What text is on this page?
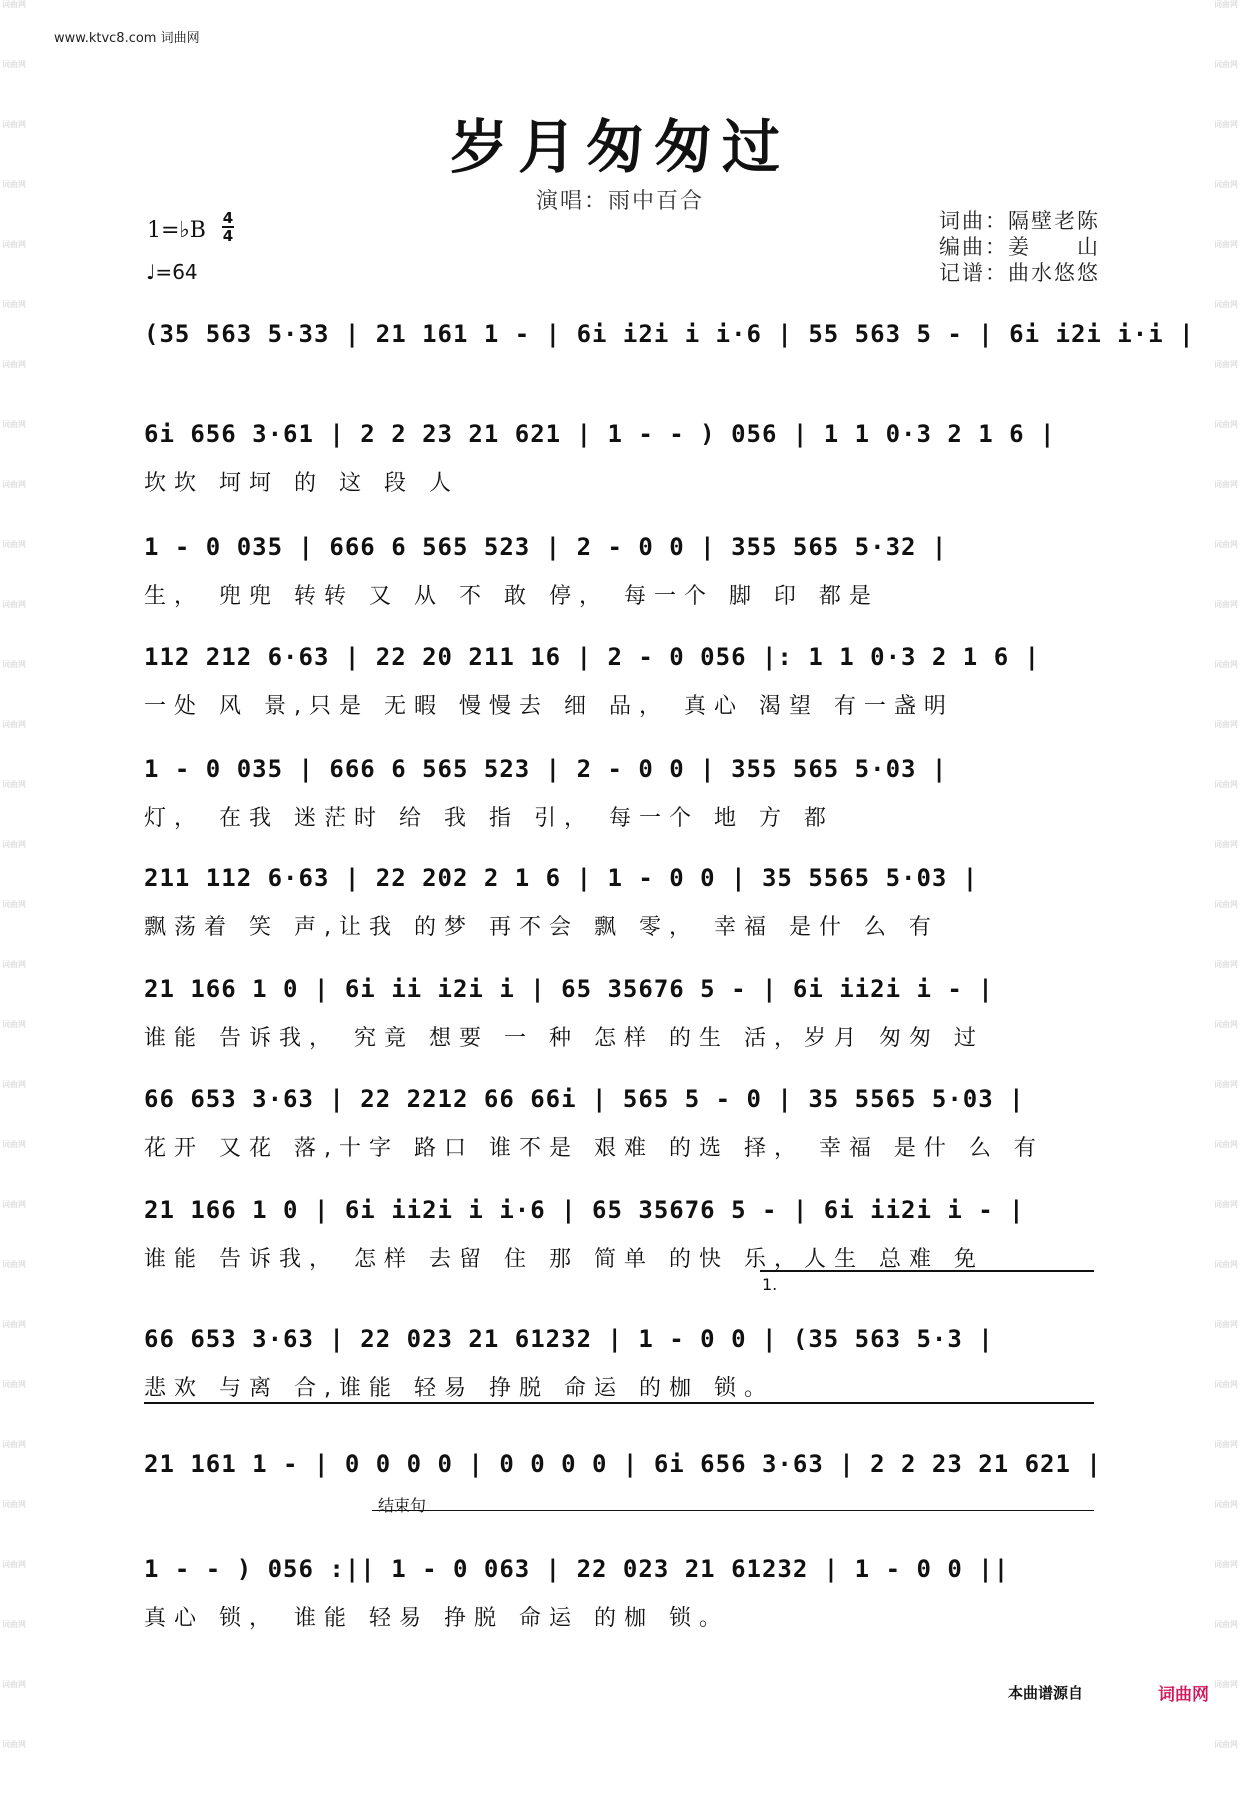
词曲网
词曲网
词曲网
词曲网
词曲网
词曲网
词曲网
词曲网
词曲网
词曲网
词曲网
词曲网
词曲网
词曲网
词曲网
词曲网
词曲网
词曲网
词曲网
词曲网
词曲网
词曲网
词曲网
词曲网
词曲网
词曲网
词曲网
词曲网
词曲网
词曲网
词曲网
词曲网
词曲网
词曲网
词曲网
词曲网
词曲网
词曲网
词曲网
词曲网
词曲网
词曲网
词曲网
词曲网
词曲网
词曲网
词曲网
词曲网
词曲网
词曲网
词曲网
词曲网
词曲网
词曲网
词曲网
词曲网
词曲网
词曲网
词曲网
词曲网
www.ktvc8.com 词曲网
岁月匆匆过
演唱：雨中百合
1=♭B 4
4
♩=64
词曲：隔壁老陈
编曲：姜　　山
记谱：曲水悠悠
(35 563 5·33 | 21 161 1 - | 6i i2i i i·6 | 55 563 5 - | 6i i2i i·i |
6i 656 3·61 | 2 2 23 21 621 | 1 - - ) 056 | 1 1 0·3 2 1 6 |
坎坎 坷坷 的 这 段 人
1 - 0 035 | 666 6 565 523 | 2 - 0 0 | 355 565 5·32 |
生， 兜兜 转转 又 从 不 敢 停， 每一个 脚 印 都是
112 212 6·63 | 22 20 211 16 | 2 - 0 056 |: 1 1 0·3 2 1 6 |
一处 风 景,只是 无暇 慢慢去 细 品， 真心 渴望 有一盏明
1 - 0 035 | 666 6 565 523 | 2 - 0 0 | 355 565 5·03 |
灯， 在我 迷茫时 给 我 指 引， 每一个 地 方 都
211 112 6·63 | 22 202 2 1 6 | 1 - 0 0 | 35 5565 5·03 |
飘荡着 笑 声,让我 的梦 再不会 飘 零， 幸福 是什 么 有
21 166 1 0 | 6i ii i2i i | 65 35676 5 - | 6i ii2i i - |
谁能 告诉我， 究竟 想要 一 种 怎样 的生 活，岁月 匆匆 过
66 653 3·63 | 22 2212 66 66i | 565 5 - 0 | 35 5565 5·03 |
花开 又花 落,十字 路口 谁不是 艰难 的选 择， 幸福 是什 么 有
21 166 1 0 | 6i ii2i i i·6 | 65 35676 5 - | 6i ii2i i - |
谁能 告诉我， 怎样 去留 住 那 简单 的快 乐，人生 总难 免
66 653 3·63 | 22 023 21 61232 | 1 - 0 0 | (35 563 5·3 |
悲欢 与离 合,谁能 轻易 挣脱 命运 的枷 锁。
21 161 1 - | 0 0 0 0 | 0 0 0 0 | 6i 656 3·63 | 2 2 23 21 621 |
1 - - ) 056 :|| 1 - 0 063 | 22 023 21 61232 | 1 - 0 0 ||
真心 锁， 谁能 轻易 挣脱 命运 的枷 锁。
1.
结束句
本曲谱源自	词曲网
